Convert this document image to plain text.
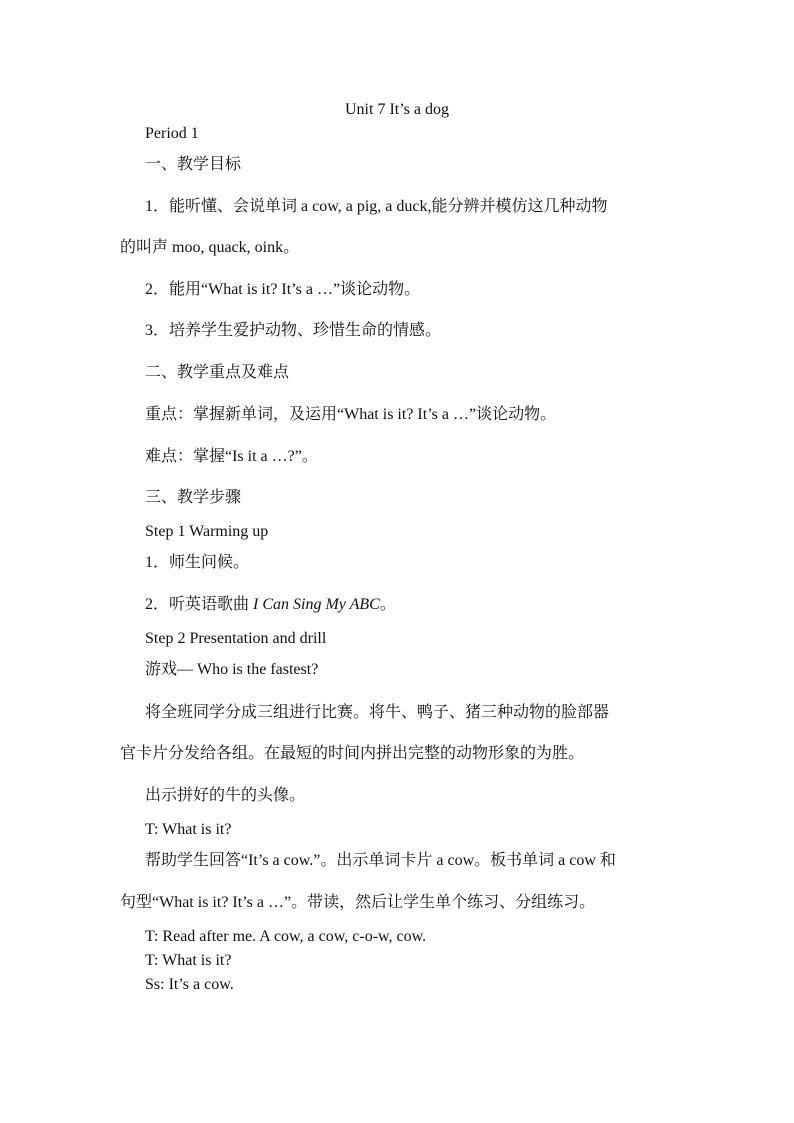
Unit 7 It’s a dog
Period 1
一、教学目标
1．能听懂、会说单词 a cow, a pig, a duck,能分辨并模仿这几种动物
的叫声 moo, quack, oink。
2．能用“What is it? It’s a …”谈论动物。
3．培养学生爱护动物、珍惜生命的情感。
二、教学重点及难点
重点：掌握新单词，及运用“What is it? It’s a …”谈论动物。
难点：掌握“Is it a …?”。
三、教学步骤
Step 1 Warming up
1．师生问候。
2．听英语歌曲 I Can Sing My ABC。
Step 2 Presentation and drill
游戏— Who is the fastest?
将全班同学分成三组进行比赛。将牛、鸭子、猪三种动物的脸部器
官卡片分发给各组。在最短的时间内拼出完整的动物形象的为胜。
出示拼好的牛的头像。
T: What is it?
帮助学生回答“It’s a cow.”。出示单词卡片 a cow。板书单词 a cow 和
句型“What is it? It’s a …”。带读，然后让学生单个练习、分组练习。
T: Read after me. A cow, a cow, c-o-w, cow.
T: What is it?
Ss: It’s a cow.
